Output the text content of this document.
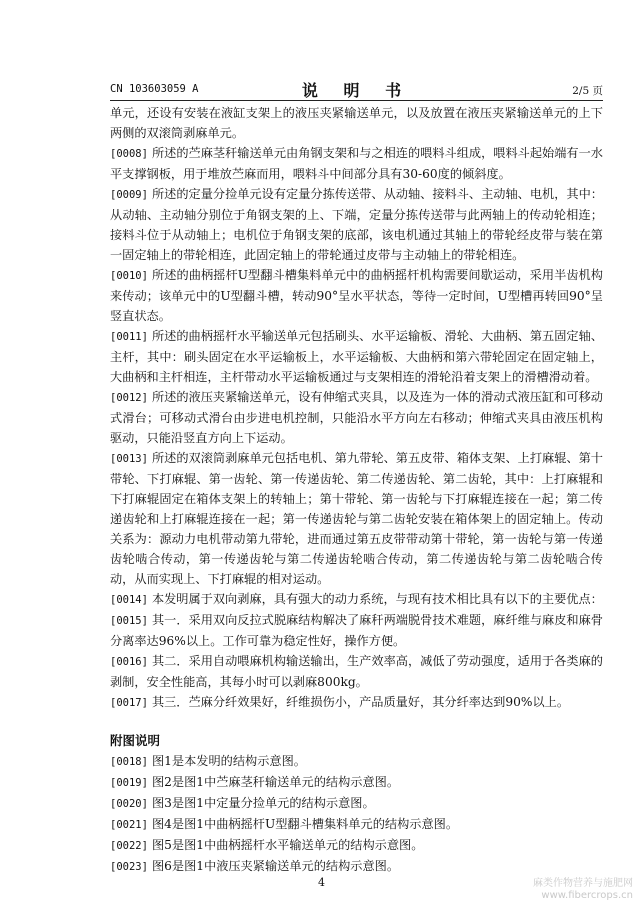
CN 103603059 A	说 明 书	2/5 页

单元，还设有安装在液缸支架上的液压夹紧输送单元，以及放置在液压夹紧输送单元的上下两侧的双滚筒剥麻单元。

[0008] 所述的苎麻茎秆输送单元由角钢支架和与之相连的喂料斗组成，喂料斗起始端有一水平支撑钢板，用于堆放苎麻而用，喂料斗中间部分具有30-60度的倾斜度。

[0009] 所述的定量分捡单元设有定量分拣传送带、从动轴、接料斗、主动轴、电机，其中：从动轴、主动轴分别位于角钢支架的上、下端，定量分拣传送带与此两轴上的传动轮相连；接料斗位于从动轴上；电机位于角钢支架的底部，该电机通过其轴上的带轮经皮带与装在第一固定轴上的带轮相连，此固定轴上的带轮通过皮带与主动轴上的带轮相连。

[0010] 所述的曲柄摇杆U型翻斗槽集料单元中的曲柄摇杆机构需要间歇运动，采用半齿机构来传动；该单元中的U型翻斗槽，转动90°呈水平状态，等待一定时间，U型槽再转回90°呈竖直状态。

[0011] 所述的曲柄摇杆水平输送单元包括刷头、水平运输板、滑轮、大曲柄、第五固定轴、主杆，其中：刷头固定在水平运输板上，水平运输板、大曲柄和第六带轮固定在固定轴上，大曲柄和主杆相连，主杆带动水平运输板通过与支架相连的滑轮沿着支架上的滑槽滑动着。

[0012] 所述的液压夹紧输送单元，设有伸缩式夹具，以及连为一体的滑动式液压缸和可移动式滑台；可移动式滑台由步进电机控制，只能沿水平方向左右移动；伸缩式夹具由液压机构驱动，只能沿竖直方向上下运动。

[0013] 所述的双滚筒剥麻单元包括电机、第九带轮、第五皮带、箱体支架、上打麻辊、第十带轮、下打麻辊、第一齿轮、第一传递齿轮、第二传递齿轮、第二齿轮，其中：上打麻辊和下打麻辊固定在箱体支架上的转轴上；第十带轮、第一齿轮与下打麻辊连接在一起；第二传递齿轮和上打麻辊连接在一起；第一传递齿轮与第二齿轮安装在箱体架上的固定轴上。传动关系为：源动力电机带动第九带轮，进而通过第五皮带带动第十带轮，第一齿轮与第一传递齿轮啮合传动，第一传递齿轮与第二传递齿轮啮合传动，第二传递齿轮与第二齿轮啮合传动，从而实现上、下打麻辊的相对运动。

[0014] 本发明属于双向剥麻，具有强大的动力系统，与现有技术相比具有以下的主要优点：

[0015] 其一．采用双向反拉式脱麻结构解决了麻秆两端脱骨技术难题，麻纤维与麻皮和麻骨分离率达96%以上。工作可靠为稳定性好，操作方便。

[0016] 其二．采用自动喂麻机构输送输出，生产效率高，减低了劳动强度，适用于各类麻的剥制，安全性能高，其每小时可以剥麻800kg。

[0017] 其三．苎麻分纤效果好，纤维损伤小，产品质量好，其分纤率达到90%以上。

附图说明

[0018] 图1是本发明的结构示意图。

[0019] 图2是图1中苎麻茎秆输送单元的结构示意图。

[0020] 图3是图1中定量分捡单元的结构示意图。

[0021] 图4是图1中曲柄摇杆U型翻斗槽集料单元的结构示意图。

[0022] 图5是图1中曲柄摇杆水平输送单元的结构示意图。

[0023] 图6是图1中液压夹紧输送单元的结构示意图。

4	麻类作物营养与施肥网
www.fibercrops.cn
